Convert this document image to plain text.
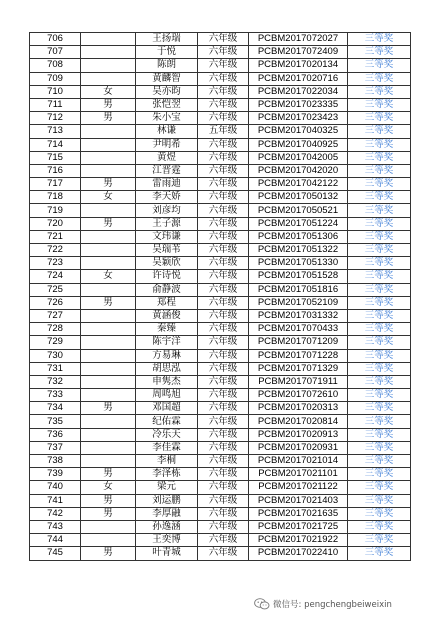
706		王扬瑞	六年级	PCBM2017072027	三等奖
707		于悦	六年级	PCBM2017072409	三等奖
708		陈朗	六年级	PCBM2017020134	三等奖
709		黄麟智	六年级	PCBM2017020716	三等奖
710	女	吴亦昀	六年级	PCBM2017022034	三等奖
711	男	张恺翌	六年级	PCBM2017023335	三等奖
712	男	朱小宝	六年级	PCBM2017023423	三等奖
713		林谦	五年级	PCBM2017040325	三等奖
714		尹明希	六年级	PCBM2017040925	三等奖
715		黄煜	六年级	PCBM2017042005	三等奖
716		江晋霆	六年级	PCBM2017042020	三等奖
717	男	雷雨迪	六年级	PCBM2017042122	三等奖
718	女	李天娇	六年级	PCBM2017050132	三等奖
719		刘彦均	六年级	PCBM2017050521	三等奖
720	男	王子源	六年级	PCBM2017051224	三等奖
721		文玮谦	六年级	PCBM2017051306	三等奖
722		吴瑞苇	六年级	PCBM2017051322	三等奖
723		吴颖欣	六年级	PCBM2017051330	三等奖
724	女	许诗悦	六年级	PCBM2017051528	三等奖
725		俞静波	六年级	PCBM2017051816	三等奖
726	男	郑程	六年级	PCBM2017052109	三等奖
727		黄涵俊	六年级	PCBM2017031332	三等奖
728		秦臻	六年级	PCBM2017070433	三等奖
729		陈宇洋	六年级	PCBM2017071209	三等奖
730		方易琳	六年级	PCBM2017071228	三等奖
731		胡思泓	六年级	PCBM2017071329	三等奖
732		申隽杰	六年级	PCBM2017071911	三等奖
733		周鸣旭	六年级	PCBM2017072610	三等奖
734	男	邓国超	六年级	PCBM2017020313	三等奖
735		纪佑霖	六年级	PCBM2017020814	三等奖
736		冷乐天	六年级	PCBM2017020913	三等奖
737		李佳霖	六年级	PCBM2017020931	三等奖
738		李桐	六年级	PCBM2017021014	三等奖
739	男	李泽栋	六年级	PCBM2017021101	三等奖
740	女	梁元	六年级	PCBM2017021122	三等奖
741	男	刘运鹏	六年级	PCBM2017021403	三等奖
742	男	李厚融	六年级	PCBM2017021635	三等奖
743		孙逸涵	六年级	PCBM2017021725	三等奖
744		王奕博	六年级	PCBM2017021922	三等奖
745	男	叶青城	六年级	PCBM2017022410	三等奖
微信号: pengchengbeiweixin
